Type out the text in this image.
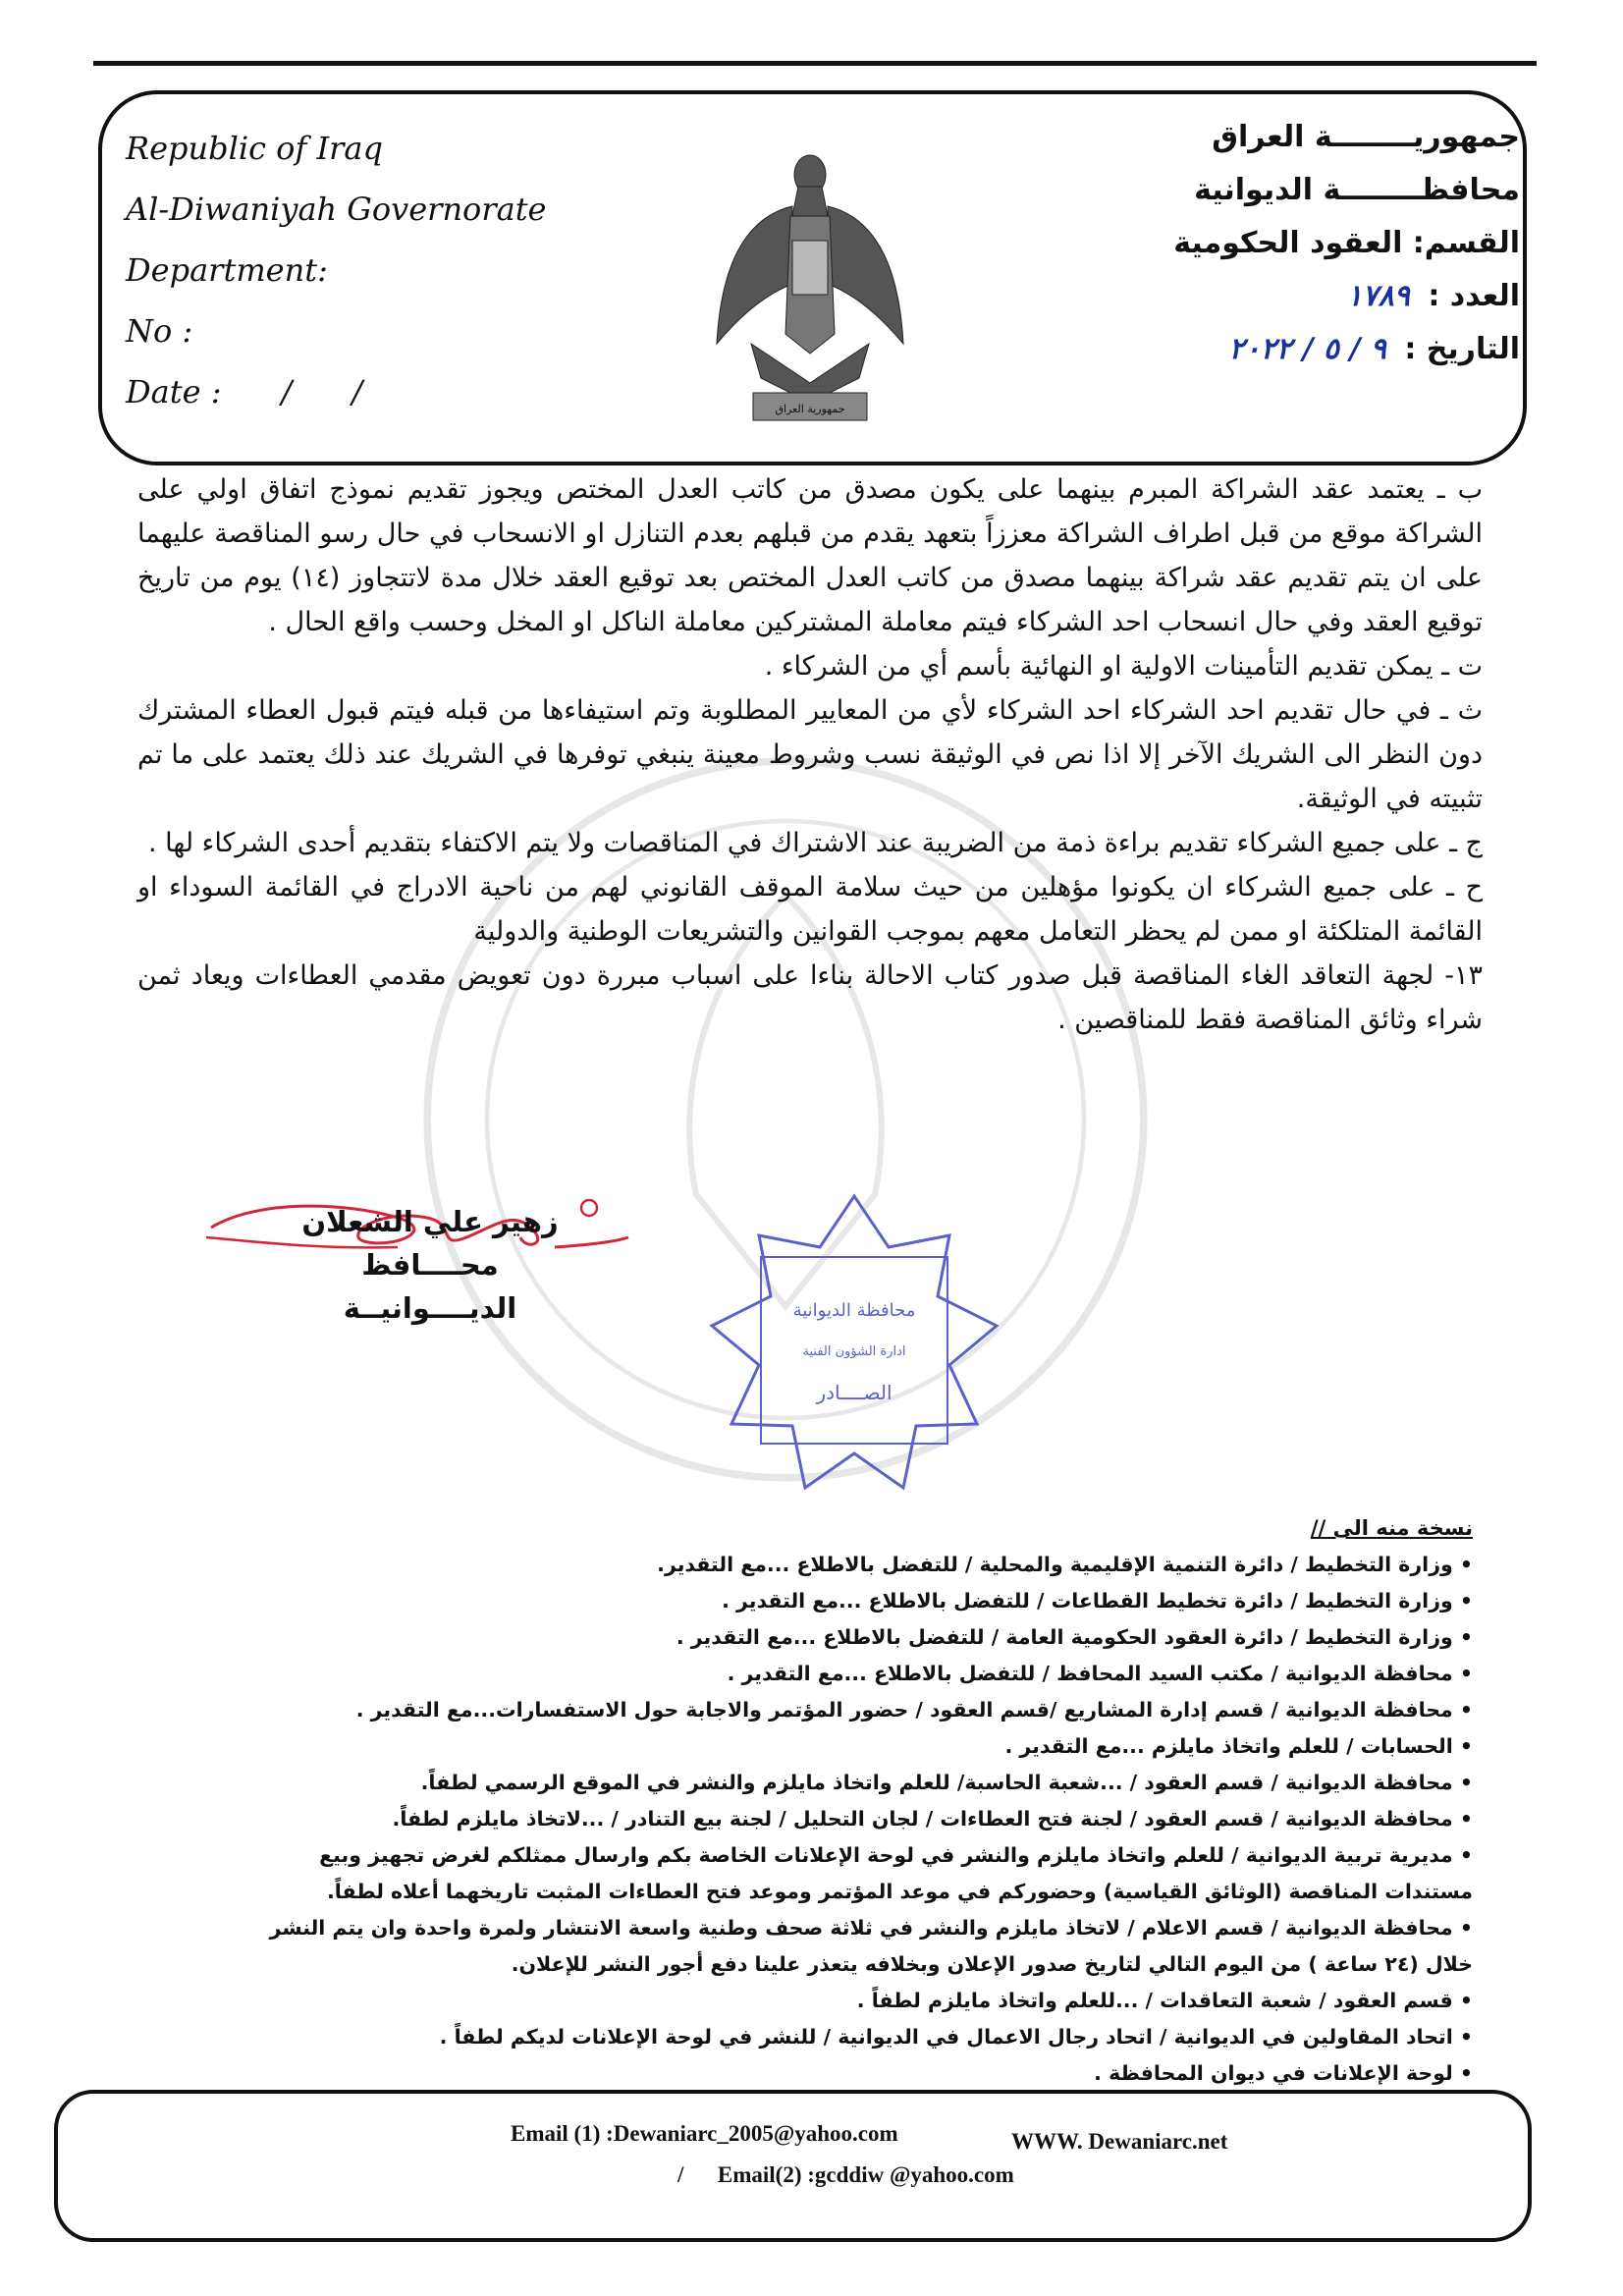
Republic of Iraq
Al-Diwaniyah Governorate
Department:
No :
Date :      /      /	جمهورية العراق
جمهوريــــــــة العراق
محافظــــــــة الديوانية
القسم: العقود الحكومية
العدد : ١٧٨٩
التاريخ : ٩ / ٥ / ٢٠٢٢

ب ـ يعتمد عقد الشراكة المبرم بينهما على يكون مصدق من كاتب العدل المختص ويجوز تقديم نموذج اتفاق اولي على الشراكة موقع من قبل اطراف الشراكة معززاً بتعهد يقدم من قبلهم بعدم التنازل او الانسحاب في حال رسو المناقصة عليهما على ان يتم تقديم عقد شراكة بينهما مصدق من كاتب العدل المختص بعد توقيع العقد خلال مدة لاتتجاوز (١٤) يوم من تاريخ توقيع العقد وفي حال انسحاب احد الشركاء فيتم معاملة المشتركين معاملة الناكل او المخل وحسب واقع الحال .

ت ـ يمكن تقديم التأمينات الاولية او النهائية بأسم أي من الشركاء .

ث ـ في حال تقديم احد الشركاء احد الشركاء لأي من المعايير المطلوبة وتم استيفاءها من قبله فيتم قبول العطاء المشترك دون النظر الى الشريك الآخر إلا اذا نص في الوثيقة نسب وشروط معينة ينبغي توفرها في الشريك عند ذلك يعتمد على ما تم تثبيته في الوثيقة.

ج ـ على جميع الشركاء تقديم براءة ذمة من الضريبة عند الاشتراك في المناقصات ولا يتم الاكتفاء بتقديم أحدى الشركاء لها .

ح ـ على جميع الشركاء ان يكونوا مؤهلين من حيث سلامة الموقف القانوني لهم من ناحية الادراج في القائمة السوداء او القائمة المتلكئة او ممن لم يحظر التعامل معهم بموجب القوانين والتشريعات الوطنية والدولية

١٣- لجهة التعاقد الغاء المناقصة قبل صدور كتاب الاحالة بناءا على اسباب مبررة دون تعويض مقدمي العطاءات ويعاد ثمن شراء وثائق المناقصة فقط للمناقصين .

زهير علي الشعلان
محــــافظ الديــــوانيــة	محافظة الديوانية
ادارة الشؤون الفنية
الصــــادر
نسخة منه الى //
• وزارة التخطيط / دائرة التنمية الإقليمية والمحلية / للتفضل بالاطلاع ...مع التقدير.
• وزارة التخطيط / دائرة تخطيط القطاعات / للتفضل بالاطلاع ...مع التقدير .
• وزارة التخطيط / دائرة العقود الحكومية العامة / للتفضل بالاطلاع ...مع التقدير .
• محافظة الديوانية / مكتب السيد المحافظ / للتفضل بالاطلاع ...مع التقدير .
• محافظة الديوانية / قسم إدارة المشاريع /قسم العقود / حضور المؤتمر والاجابة حول الاستفسارات...مع التقدير .
• الحسابات / للعلم واتخاذ مايلزم ...مع التقدير .
• محافظة الديوانية / قسم العقود / ...شعبة الحاسبة/ للعلم واتخاذ مايلزم والنشر في الموقع الرسمي لطفاً.
• محافظة الديوانية / قسم العقود / لجنة فتح العطاءات / لجان التحليل / لجنة بيع التنادر / ...لاتخاذ مايلزم لطفاً.
• مديرية تربية الديوانية / للعلم واتخاذ مايلزم والنشر في لوحة الإعلانات الخاصة بكم وارسال ممثلكم لغرض تجهيز وبيع
مستندات المناقصة (الوثائق القياسية) وحضوركم في موعد المؤتمر وموعد فتح العطاءات المثبت تاريخهما أعلاه لطفاً.
• محافظة الديوانية / قسم الاعلام / لاتخاذ مايلزم والنشر في ثلاثة صحف وطنية واسعة الانتشار ولمرة واحدة وان يتم النشر
خلال (٢٤ ساعة ) من اليوم التالي لتاريخ صدور الإعلان وبخلافه يتعذر علينا دفع أجور النشر للإعلان.
• قسم العقود / شعبة التعاقدات / ...للعلم واتخاذ مايلزم لطفاً .
• اتحاد المقاولين في الديوانية / اتحاد رجال الاعمال في الديوانية / للنشر في لوحة الإعلانات لديكم لطفاً .
• لوحة الإعلانات في ديوان المحافظة .
Email (1) :Dewaniarc_2005@yahoo.com	WWW. Dewaniarc.net
/      Email(2) :gcddiw @yahoo.com
